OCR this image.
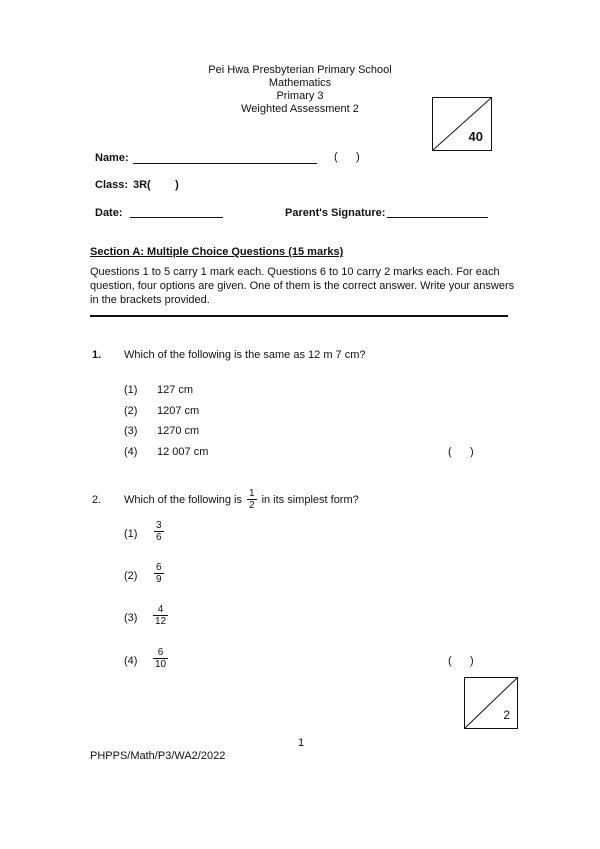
Pei Hwa Presbyterian Primary School
Mathematics
Primary 3
Weighted Assessment 2
40
Name:	(      )
Class: 3R(        )
Date:	Parent's Signature:
Section A: Multiple Choice Questions (15 marks)
Questions 1 to 5 carry 1 mark each. Questions 6 to 10 carry 2 marks each. For each
question, four options are given. One of them is the correct answer. Write your answers
in the brackets provided.
1. Which of the following is the same as 12 m 7 cm?
(1) 127 cm
(2) 1207 cm
(3) 1270 cm
(4) 12 007 cm	(      )
2. Which of the following is $\frac{1}{2}$ in its simplest form?
$(1) \frac{3}{6}$
$(2) \frac{6}{9}$
$(3) \frac{4}{12}$
$(4) \frac{6}{10}$	(      )
2
1
PHPPS/Math/P3/WA2/2022
